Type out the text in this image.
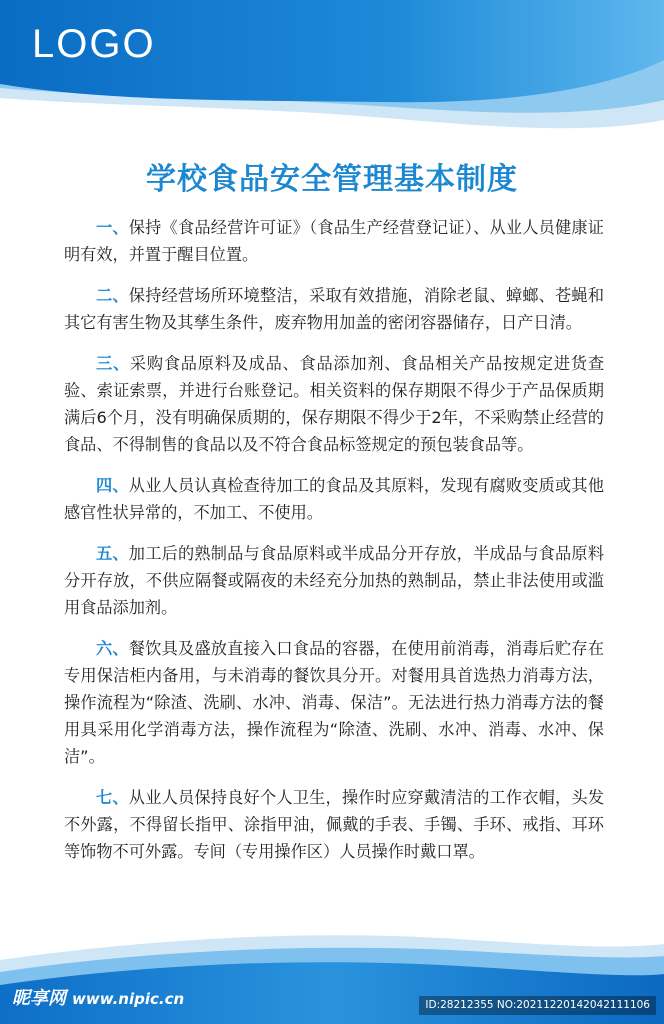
LOGO
学校食品安全管理基本制度

一、保持《食品经营许可证》（食品生产经营登记证）、从业人员健康证明有效，并置于醒目位置。

二、保持经营场所环境整洁，采取有效措施，消除老鼠、蟑螂、苍蝇和其它有害生物及其孳生条件，废弃物用加盖的密闭容器储存，日产日清。

三、采购食品原料及成品、食品添加剂、食品相关产品按规定进货查验、索证索票，并进行台账登记。相关资料的保存期限不得少于产品保质期满后6个月，没有明确保质期的，保存期限不得少于2年，不采购禁止经营的食品、不得制售的食品以及不符合食品标签规定的预包装食品等。

四、从业人员认真检查待加工的食品及其原料，发现有腐败变质或其他感官性状异常的，不加工、不使用。

五、加工后的熟制品与食品原料或半成品分开存放，半成品与食品原料分开存放，不供应隔餐或隔夜的未经充分加热的熟制品，禁止非法使用或滥用食品添加剂。

六、餐饮具及盛放直接入口食品的容器，在使用前消毒，消毒后贮存在专用保洁柜内备用，与未消毒的餐饮具分开。对餐用具首选热力消毒方法，操作流程为“除渣、洗刷、水冲、消毒、保洁”。无法进行热力消毒方法的餐用具采用化学消毒方法，操作流程为“除渣、洗刷、水冲、消毒、水冲、保洁”。

七、从业人员保持良好个人卫生，操作时应穿戴清洁的工作衣帽，头发不外露，不得留长指甲、涂指甲油，佩戴的手表、手镯、手环、戒指、耳环等饰物不可外露。专间（专用操作区）人员操作时戴口罩。

昵享网 www.nipic.cn	ID:28212355 NO:20211220142042111106
